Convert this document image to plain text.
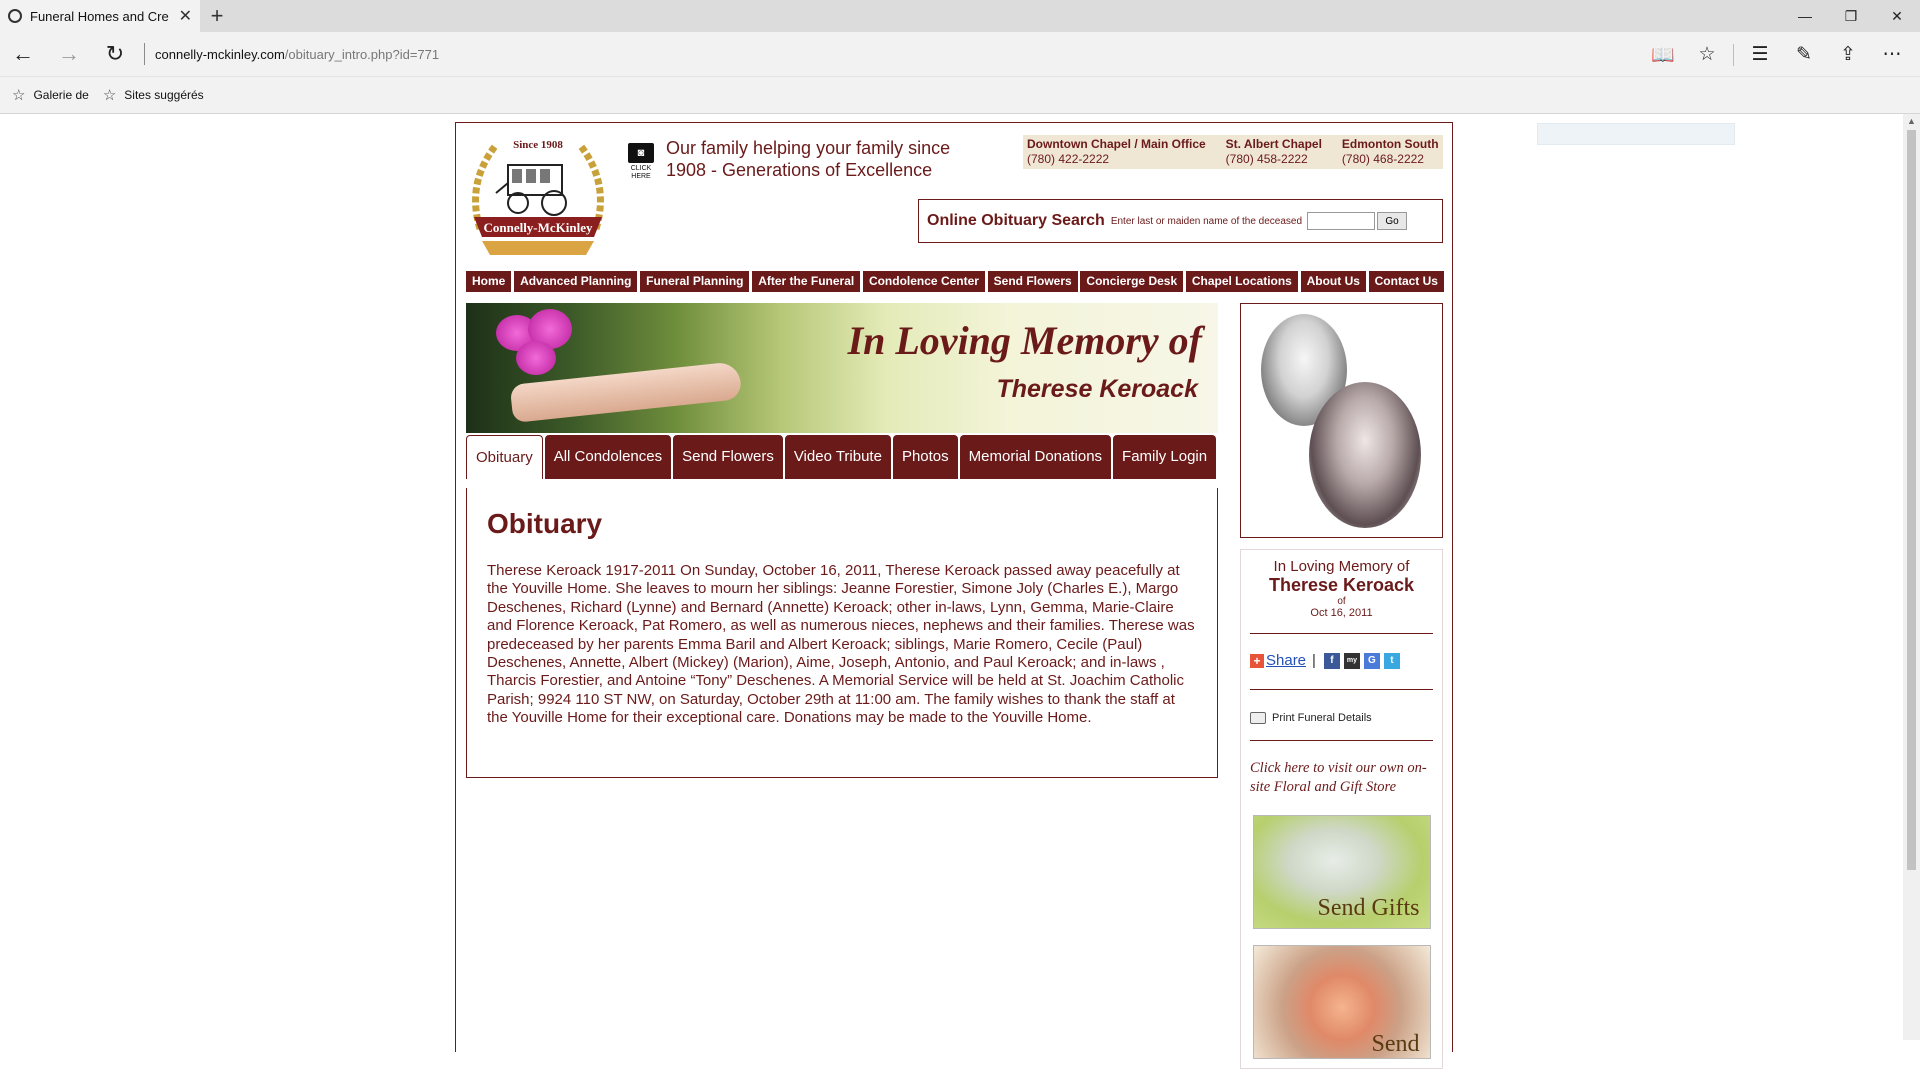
Funeral Homes and Cre ✕ +	—	❐	✕
←	→	↻	connelly-mckinley.com/obituary_intro.php?id=771	📖	☆	☰	✎	⇪	⋯
☆ Galerie de ☆ Sites suggérés
Since 1908
Connelly-McKinley
◙
CLICK HERE
Our family helping your family since 1908 - Generations of Excellence
Downtown Chapel / Main Office
(780) 422-2222
St. Albert Chapel
(780) 458-2222
Edmonton South
(780) 468-2222
Online Obituary Search Enter last or maiden name of the deceased	Go
Home	Advanced Planning	Funeral Planning	After the Funeral	Condolence Center	Send Flowers	Concierge Desk	Chapel Locations	About Us	Contact Us
In Loving Memory of
Therese Keroack
Obituary	All Condolences	Send Flowers	Video Tribute	Photos	Memorial Donations	Family Login
Obituary

Therese Keroack 1917-2011 On Sunday, October 16, 2011, Therese Keroack passed away peacefully at the Youville Home. She leaves to mourn her siblings: Jeanne Forestier, Simone Joly (Charles E.), Margo Deschenes, Richard (Lynne) and Bernard (Annette) Keroack; other in-laws, Lynn, Gemma, Marie-Claire and Florence Keroack, Pat Romero, as well as numerous nieces, nephews and their families. Therese was predeceased by her parents Emma Baril and Albert Keroack; siblings, Marie Romero, Cecile (Paul) Deschenes, Annette, Albert (Mickey) (Marion), Aime, Joseph, Antonio, and Paul Keroack; and in-laws , Tharcis Forestier, and Antoine “Tony” Deschenes. A Memorial Service will be held at St. Joachim Catholic Parish; 9924 110 ST NW, on Saturday, October 29th at 11:00 am. The family wishes to thank the staff at the Youville Home for their exceptional care. Donations may be made to the Youville Home.

In Loving Memory of
Therese Keroack
of
Oct 16, 2011
+ Share |	f	my	G	t
Print Funeral Details
Click here to visit our own on-site Floral and Gift Store
Send Gifts
Send
▲
